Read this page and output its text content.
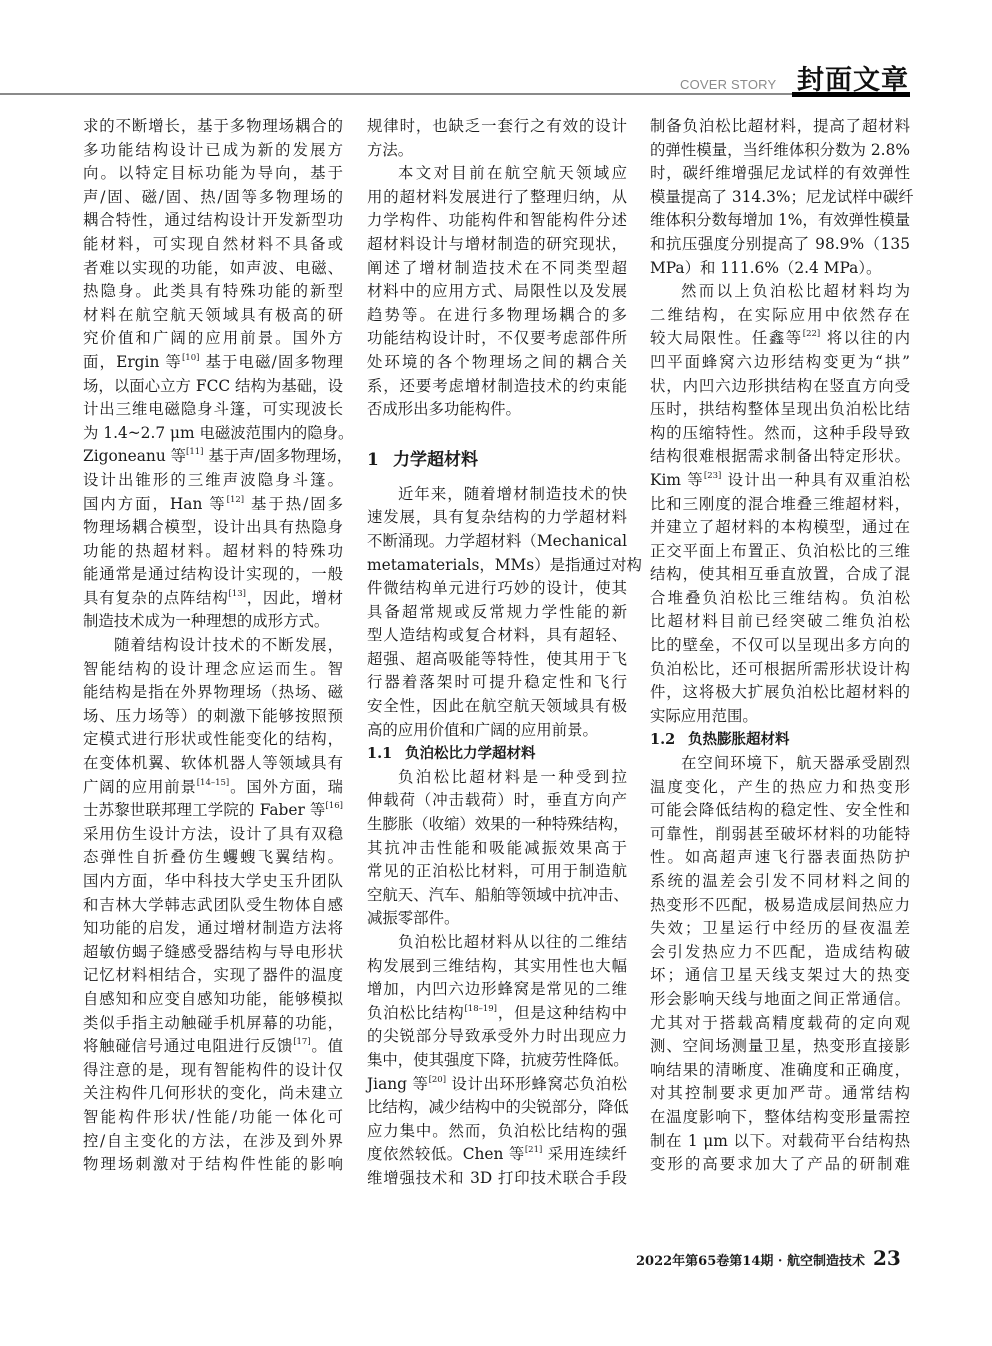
COVER STORY 封面文章
求的不断增长，基于多物理场耦合的
多功能结构设计已成为新的发展方
向。以特定目标功能为导向，基于
声/固、磁/固、热/固等多物理场的
耦合特性，通过结构设计开发新型功
能材料，可实现自然材料不具备或
者难以实现的功能，如声波、电磁、
热隐身。此类具有特殊功能的新型
材料在航空航天领域具有极高的研
究价值和广阔的应用前景。国外方
面，Ergin 等[10] 基于电磁/固多物理
场，以面心立方 FCC 结构为基础，设
计出三维电磁隐身斗篷，可实现波长
为 1.4~2.7 μm 电磁波范围内的隐身。
Zigoneanu 等[11] 基于声/固多物理场，
设计出锥形的三维声波隐身斗篷。
国内方面，Han 等[12] 基于热/固多
物理场耦合模型，设计出具有热隐身
功能的热超材料。超材料的特殊功
能通常是通过结构设计实现的，一般
具有复杂的点阵结构[13]，因此，增材
制造技术成为一种理想的成形方式。
随着结构设计技术的不断发展，
智能结构的设计理念应运而生。智
能结构是指在外界物理场（热场、磁
场、压力场等）的刺激下能够按照预
定模式进行形状或性能变化的结构，
在变体机翼、软体机器人等领域具有
广阔的应用前景[14–15]。国外方面，瑞
士苏黎世联邦理工学院的 Faber 等[16]
采用仿生设计方法，设计了具有双稳
态弹性自折叠仿生蠼螋飞翼结构。
国内方面，华中科技大学史玉升团队
和吉林大学韩志武团队受生物体自感
知功能的启发，通过增材制造方法将
超敏仿蝎子缝感受器结构与导电形状
记忆材料相结合，实现了器件的温度
自感知和应变自感知功能，能够模拟
类似手指主动触碰手机屏幕的功能，
将触碰信号通过电阻进行反馈[17]。值
得注意的是，现有智能构件的设计仅
关注构件几何形状的变化，尚未建立
智能构件形状/性能/功能一体化可
控/自主变化的方法，在涉及到外界
物理场刺激对于结构件性能的影响
规律时，也缺乏一套行之有效的设计
方法。
本文对目前在航空航天领域应
用的超材料发展进行了整理归纳，从
力学构件、功能构件和智能构件分述
超材料设计与增材制造的研究现状，
阐述了增材制造技术在不同类型超
材料中的应用方式、局限性以及发展
趋势等。在进行多物理场耦合的多
功能结构设计时，不仅要考虑部件所
处环境的各个物理场之间的耦合关
系，还要考虑增材制造技术的约束能
否成形出多功能构件。
1 力学超材料
近年来，随着增材制造技术的快
速发展，具有复杂结构的力学超材料
不断涌现。力学超材料（Mechanical
metamaterials，MMs）是指通过对构
件微结构单元进行巧妙的设计，使其
具备超常规或反常规力学性能的新
型人造结构或复合材料，具有超轻、
超强、超高吸能等特性，使其用于飞
行器着落架时可提升稳定性和飞行
安全性，因此在航空航天领域具有极
高的应用价值和广阔的应用前景。
1.1 负泊松比力学超材料
负泊松比超材料是一种受到拉
伸载荷（冲击载荷）时，垂直方向产
生膨胀（收缩）效果的一种特殊结构，
其抗冲击性能和吸能减振效果高于
常见的正泊松比材料，可用于制造航
空航天、汽车、船舶等领域中抗冲击、
减振零部件。
负泊松比超材料从以往的二维结
构发展到三维结构，其实用性也大幅
增加，内凹六边形蜂窝是常见的二维
负泊松比结构[18–19]，但是这种结构中
的尖锐部分导致承受外力时出现应力
集中，使其强度下降，抗疲劳性降低。
Jiang 等[20] 设计出环形蜂窝芯负泊松
比结构，减少结构中的尖锐部分，降低
应力集中。然而，负泊松比结构的强
度依然较低。Chen 等[21] 采用连续纤
维增强技术和 3D 打印技术联合手段
制备负泊松比超材料，提高了超材料
的弹性模量，当纤维体积分数为 2.8%
时，碳纤维增强尼龙试样的有效弹性
模量提高了 314.3%；尼龙试样中碳纤
维体积分数每增加 1%，有效弹性模量
和抗压强度分别提高了 98.9%（135
MPa）和 111.6%（2.4 MPa）。
然而以上负泊松比超材料均为
二维结构，在实际应用中依然存在
较大局限性。任鑫等[22] 将以往的内
凹平面蜂窝六边形结构变更为“拱”
状，内凹六边形拱结构在竖直方向受
压时，拱结构整体呈现出负泊松比结
构的压缩特性。然而，这种手段导致
结构很难根据需求制备出特定形状。
Kim 等[23] 设计出一种具有双重泊松
比和三刚度的混合堆叠三维超材料，
并建立了超材料的本构模型，通过在
正交平面上布置正、负泊松比的三维
结构，使其相互垂直放置，合成了混
合堆叠负泊松比三维结构。负泊松
比超材料目前已经突破二维负泊松
比的壁垒，不仅可以呈现出多方向的
负泊松比，还可根据所需形状设计构
件，这将极大扩展负泊松比超材料的
实际应用范围。
1.2 负热膨胀超材料
在空间环境下，航天器承受剧烈
温度变化，产生的热应力和热变形
可能会降低结构的稳定性、安全性和
可靠性，削弱甚至破坏材料的功能特
性。如高超声速飞行器表面热防护
系统的温差会引发不同材料之间的
热变形不匹配，极易造成层间热应力
失效；卫星运行中经历的昼夜温差
会引发热应力不匹配，造成结构破
坏；通信卫星天线支架过大的热变
形会影响天线与地面之间正常通信。
尤其对于搭载高精度载荷的定向观
测、空间场测量卫星，热变形直接影
响结果的清晰度、准确度和正确度，
对其控制要求更加严苛。通常结构
在温度影响下，整体结构变形量需控
制在 1 μm 以下。对载荷平台结构热
变形的高要求加大了产品的研制难
2022年第65卷第14期 · 航空制造技术 23
